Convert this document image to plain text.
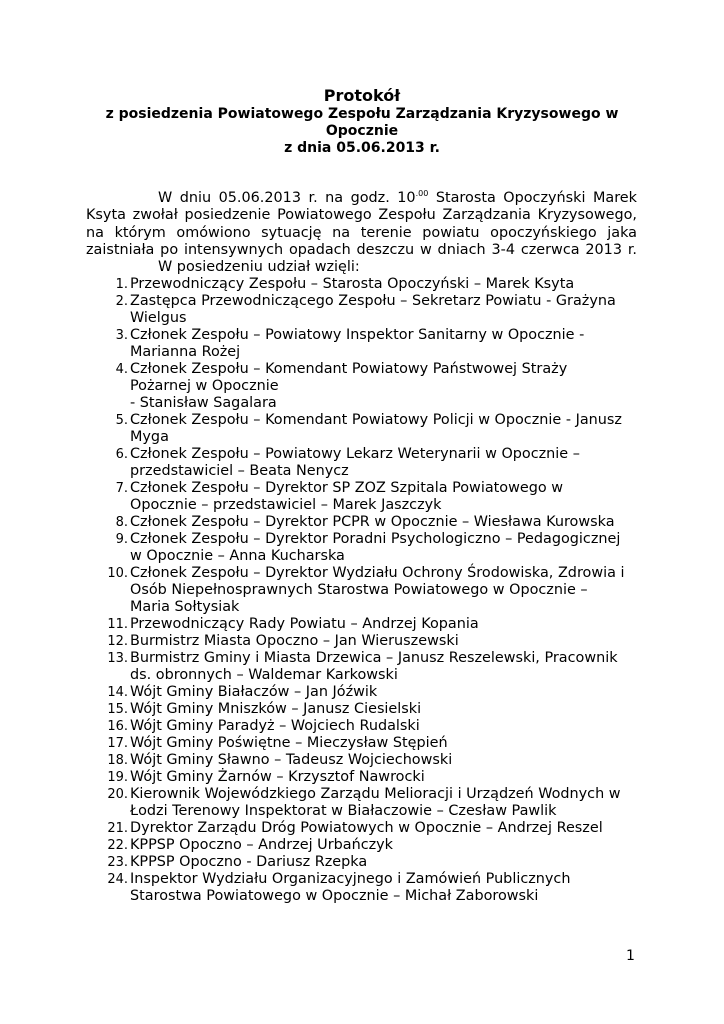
Protokół
z posiedzenia Powiatowego Zespołu Zarządzania Kryzysowego w
Opocznie
z dnia 05.06.2013 r.
W dniu 05.06.2013 r. na godz. $10^{.00}$ Starosta Opoczyński Marek
Ksyta zwołał posiedzenie Powiatowego Zespołu Zarządzania Kryzysowego,
na którym omówiono sytuację na terenie powiatu opoczyńskiego jaka
zaistniała po intensywnych opadach deszczu w dniach 3-4 czerwca 2013 r.
W posiedzeniu udział wzięli:
1. Przewodniczący Zespołu – Starosta Opoczyński – Marek Ksyta
2. Zastępca Przewodniczącego Zespołu – Sekretarz Powiatu - Grażyna
Wielgus
3. Członek Zespołu – Powiatowy Inspektor Sanitarny w Opocznie -
Marianna Rożej
4. Członek Zespołu – Komendant Powiatowy Państwowej Straży
Pożarnej w Opocznie
- Stanisław Sagalara
5. Członek Zespołu – Komendant Powiatowy Policji w Opocznie - Janusz
Myga
6. Członek Zespołu – Powiatowy Lekarz Weterynarii w Opocznie –
przedstawiciel – Beata Nenycz
7. Członek Zespołu – Dyrektor SP ZOZ Szpitala Powiatowego w
Opocznie – przedstawiciel – Marek Jaszczyk
8. Członek Zespołu – Dyrektor PCPR w Opocznie – Wiesława Kurowska
9. Członek Zespołu – Dyrektor Poradni Psychologiczno – Pedagogicznej
w Opocznie – Anna Kucharska
10. Członek Zespołu – Dyrektor Wydziału Ochrony Środowiska, Zdrowia i
Osób Niepełnosprawnych Starostwa Powiatowego w Opocznie –
Maria Sołtysiak
11. Przewodniczący Rady Powiatu – Andrzej Kopania
12. Burmistrz Miasta Opoczno – Jan Wieruszewski
13. Burmistrz Gminy i Miasta Drzewica – Janusz Reszelewski, Pracownik
ds. obronnych – Waldemar Karkowski
14. Wójt Gminy Białaczów – Jan Jóźwik
15. Wójt Gminy Mniszków – Janusz Ciesielski
16. Wójt Gminy Paradyż – Wojciech Rudalski
17. Wójt Gminy Poświętne – Mieczysław Stępień
18. Wójt Gminy Sławno – Tadeusz Wojciechowski
19. Wójt Gminy Żarnów – Krzysztof Nawrocki
20. Kierownik Wojewódzkiego Zarządu Melioracji i Urządzeń Wodnych w
Łodzi Terenowy Inspektorat w Białaczowie – Czesław Pawlik
21. Dyrektor Zarządu Dróg Powiatowych w Opocznie – Andrzej Reszel
22. KPPSP Opoczno – Andrzej Urbańczyk
23. KPPSP Opoczno - Dariusz Rzepka
24. Inspektor Wydziału Organizacyjnego i Zamówień Publicznych
Starostwa Powiatowego w Opocznie – Michał Zaborowski
1
